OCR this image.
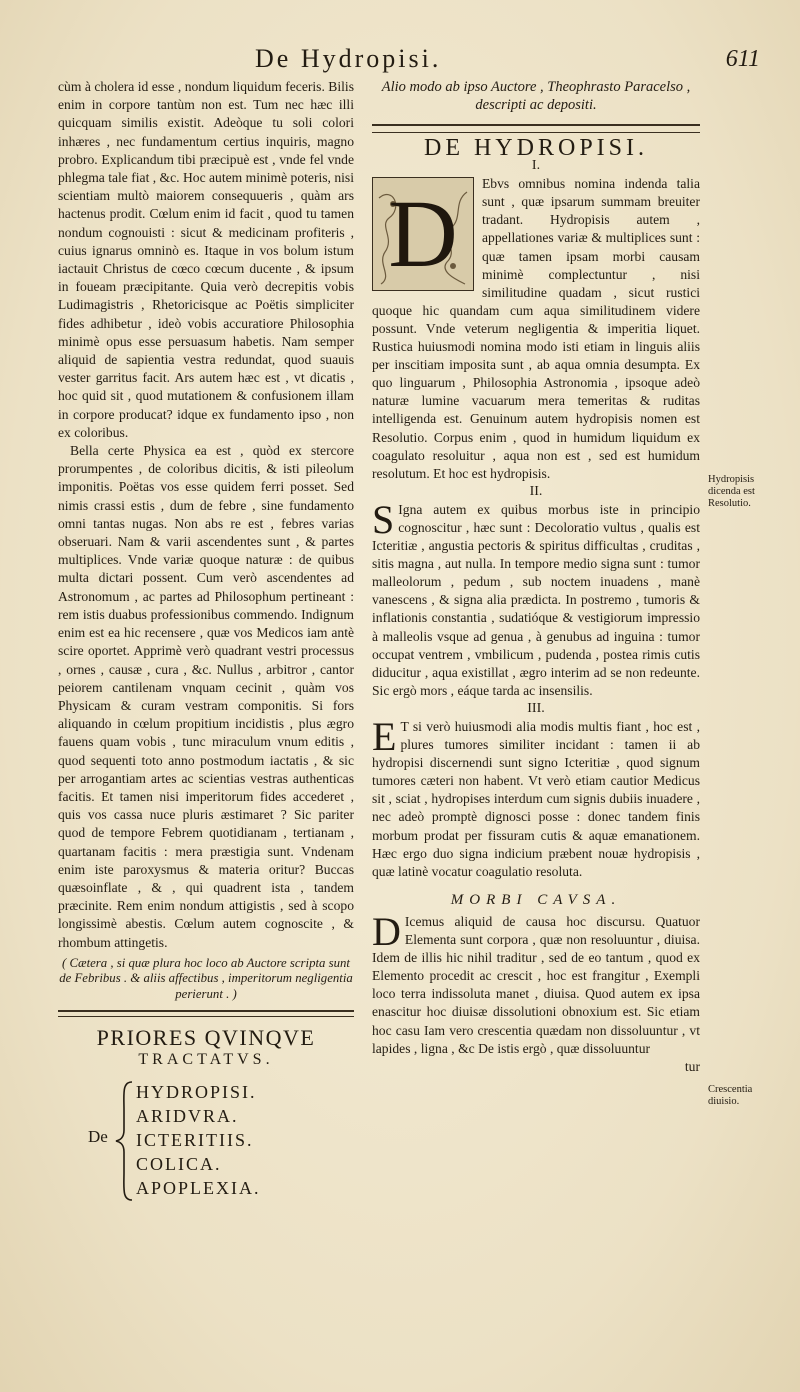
De Hydropisi.	611

cùm à cholera id esse , nondum liquidum feceris. Bilis enim in corpore tantùm non est. Tum nec hæc illi quicquam similis existit. Adeòque tu soli colori inhæres , nec fundamentum certius inquiris, magno probro. Explicandum tibi præcipuè est , vnde fel vnde phlegma tale fiat , &c. Hoc autem minimè poteris, nisi scientiam multò maiorem consequueris , quàm ars hactenus prodit. Cœlum enim id facit , quod tu tamen nondum cognouisti : sicut & medicinam profiteris , cuius ignarus omninò es. Itaque in vos bolum istum iactauit Christus de cœco cœcum ducente , & ipsum in foueam præcipitante. Quia verò decrepitis vobis Ludimagistris , Rhetoricisque ac Poëtis simpliciter fides adhibetur , ideò vobis accuratiore Philosophia minimè opus esse persuasum habetis. Nam semper aliquid de sapientia vestra redundat, quod suauis vester garritus facit. Ars autem hæc est , vt dicatis , hoc quid sit , quod mutationem & confusionem illam in corpore producat? idque ex fundamento ipso , non ex coloribus.

Bella certe Physica ea est , quòd ex stercore prorumpentes , de coloribus dicitis, & isti pileolum imponitis. Poëtas vos esse quidem ferri posset. Sed nimis crassi estis , dum de febre , sine fundamento omni tantas nugas. Non abs re est , febres varias obseruari. Nam & varii ascendentes sunt , & partes multiplices. Vnde variæ quoque naturæ : de quibus multa dictari possent. Cum verò ascendentes ad Astronomum , ac partes ad Philosophum pertineant : rem istis duabus professionibus commendo. Indignum enim est ea hic recensere , quæ vos Medicos iam antè scire oportet. Apprimè verò quadrant vestri processus , ornes , causæ , cura , &c. Nullus , arbitror , cantor peiorem cantilenam vnquam cecinit , quàm vos Physicam & curam vestram componitis. Si fors aliquando in cœlum propitium incidistis , plus ægro fauens quam vobis , tunc miraculum vnum editis , quod sequenti toto anno postmodum iactatis , & sic per arrogantiam artes ac scientias vestras authenticas facitis. Et tamen nisi imperitorum fides accederet , quis vos cassa nuce pluris æstimaret ? Sic pariter quod de tempore Febrem quotidianam , tertianam , quartanam facitis : mera præstigia sunt. Vndenam enim iste paroxysmus & materia oritur? Buccas quæsoinflate , & , qui quadrent ista , tandem præcinite. Rem enim nondum attigistis , sed à scopo longissimè abestis. Cœlum autem cognoscite , & rhombum attingetis.

( Cætera , si quæ plura hoc loco ab Auctore scripta sunt de Febribus . & aliis affectibus , imperitorum negligentia perierunt . )

PRIORES QVINQVE
TRACTATVS.
De
HYDROPISI.
ARIDVRA.
ICTERITIIS.
COLICA.
APOPLEXIA.

Alio modo ab ipso Auctore , Theophrasto Paracelso , descripti ac depositi.

DE HYDROPISI.

I.

D	Ebvs omnibus nomina indenda talia sunt , quæ ipsarum summam breuiter tradant. Hydropisis autem , appellationes variæ & multiplices sunt : quæ tamen ipsam morbi causam minimè complectuntur , nisi similitudine quadam , sicut rustici quoque hic quandam cum aqua similitudinem videre possunt. Vnde veterum negligentia & imperitia liquet. Rustica huiusmodi nomina modo isti etiam in linguis aliis per inscitiam imposita sunt , ab aqua omnia desumpta. Ex quo linguarum , Philosophia Astronomia , ipsoque adeò naturæ lumine vacuarum mera temeritas & ruditas intelligenda est. Genuinum autem hydropisis nomen est Resolutio. Corpus enim , quod in humidum liquidum ex coagulato resoluitur , aqua non est , sed est humidum resolutum. Et hoc est hydropisis.

II.

S Igna autem ex quibus morbus iste in principio cognoscitur , hæc sunt : Decoloratio vultus , qualis est Icteritiæ , angustia pectoris & spiritus difficultas , cruditas , sitis magna , aut nulla. In tempore medio signa sunt : tumor malleolorum , pedum , sub noctem inuadens , manè vanescens , & signa alia prædicta. In postremo , tumoris & inflationis constantia , sudatióque & vestigiorum impressio à malleolis vsque ad genua , à genubus ad inguina : tumor occupat ventrem , vmbilicum , pudenda , postea rimis cutis diducitur , aqua existillat , ægro interim ad se non redeunte. Sic ergò mors , eáque tarda ac insensilis.

III.

E T si verò huiusmodi alia modis multis fiant , hoc est , plures tumores similiter incidant : tamen ii ab hydropisi discernendi sunt signo Icteritiæ , quod signum tumores cæteri non habent. Vt verò etiam cautior Medicus sit , sciat , hydropises interdum cum signis dubiis inuadere , nec adeò promptè dignosci posse : donec tandem finis morbum prodat per fissuram cutis & aquæ emanationem. Hæc ergo duo signa indicium præbent nouæ hydropisis , quæ latinè vocatur coagulatio resoluta.

MORBI CAVSA.

D Icemus aliquid de causa hoc discursu. Quatuor Elementa sunt corpora , quæ non resoluuntur , diuisa. Idem de illis hic nihil traditur , sed de eo tantum , quod ex Elemento procedit ac crescit , hoc est frangitur , Exempli loco terra indissoluta manet , diuisa. Quod autem ex ipsa enascitur hoc diuisæ dissolutioni obnoxium est. Sic etiam hoc casu Iam vero crescentia quædam non dissoluuntur , vt lapides , ligna , &c De istis ergò , quæ dissoluuntur

tur

Hydropisis dicenda est Resolutio.
Crescentia diuisio.
